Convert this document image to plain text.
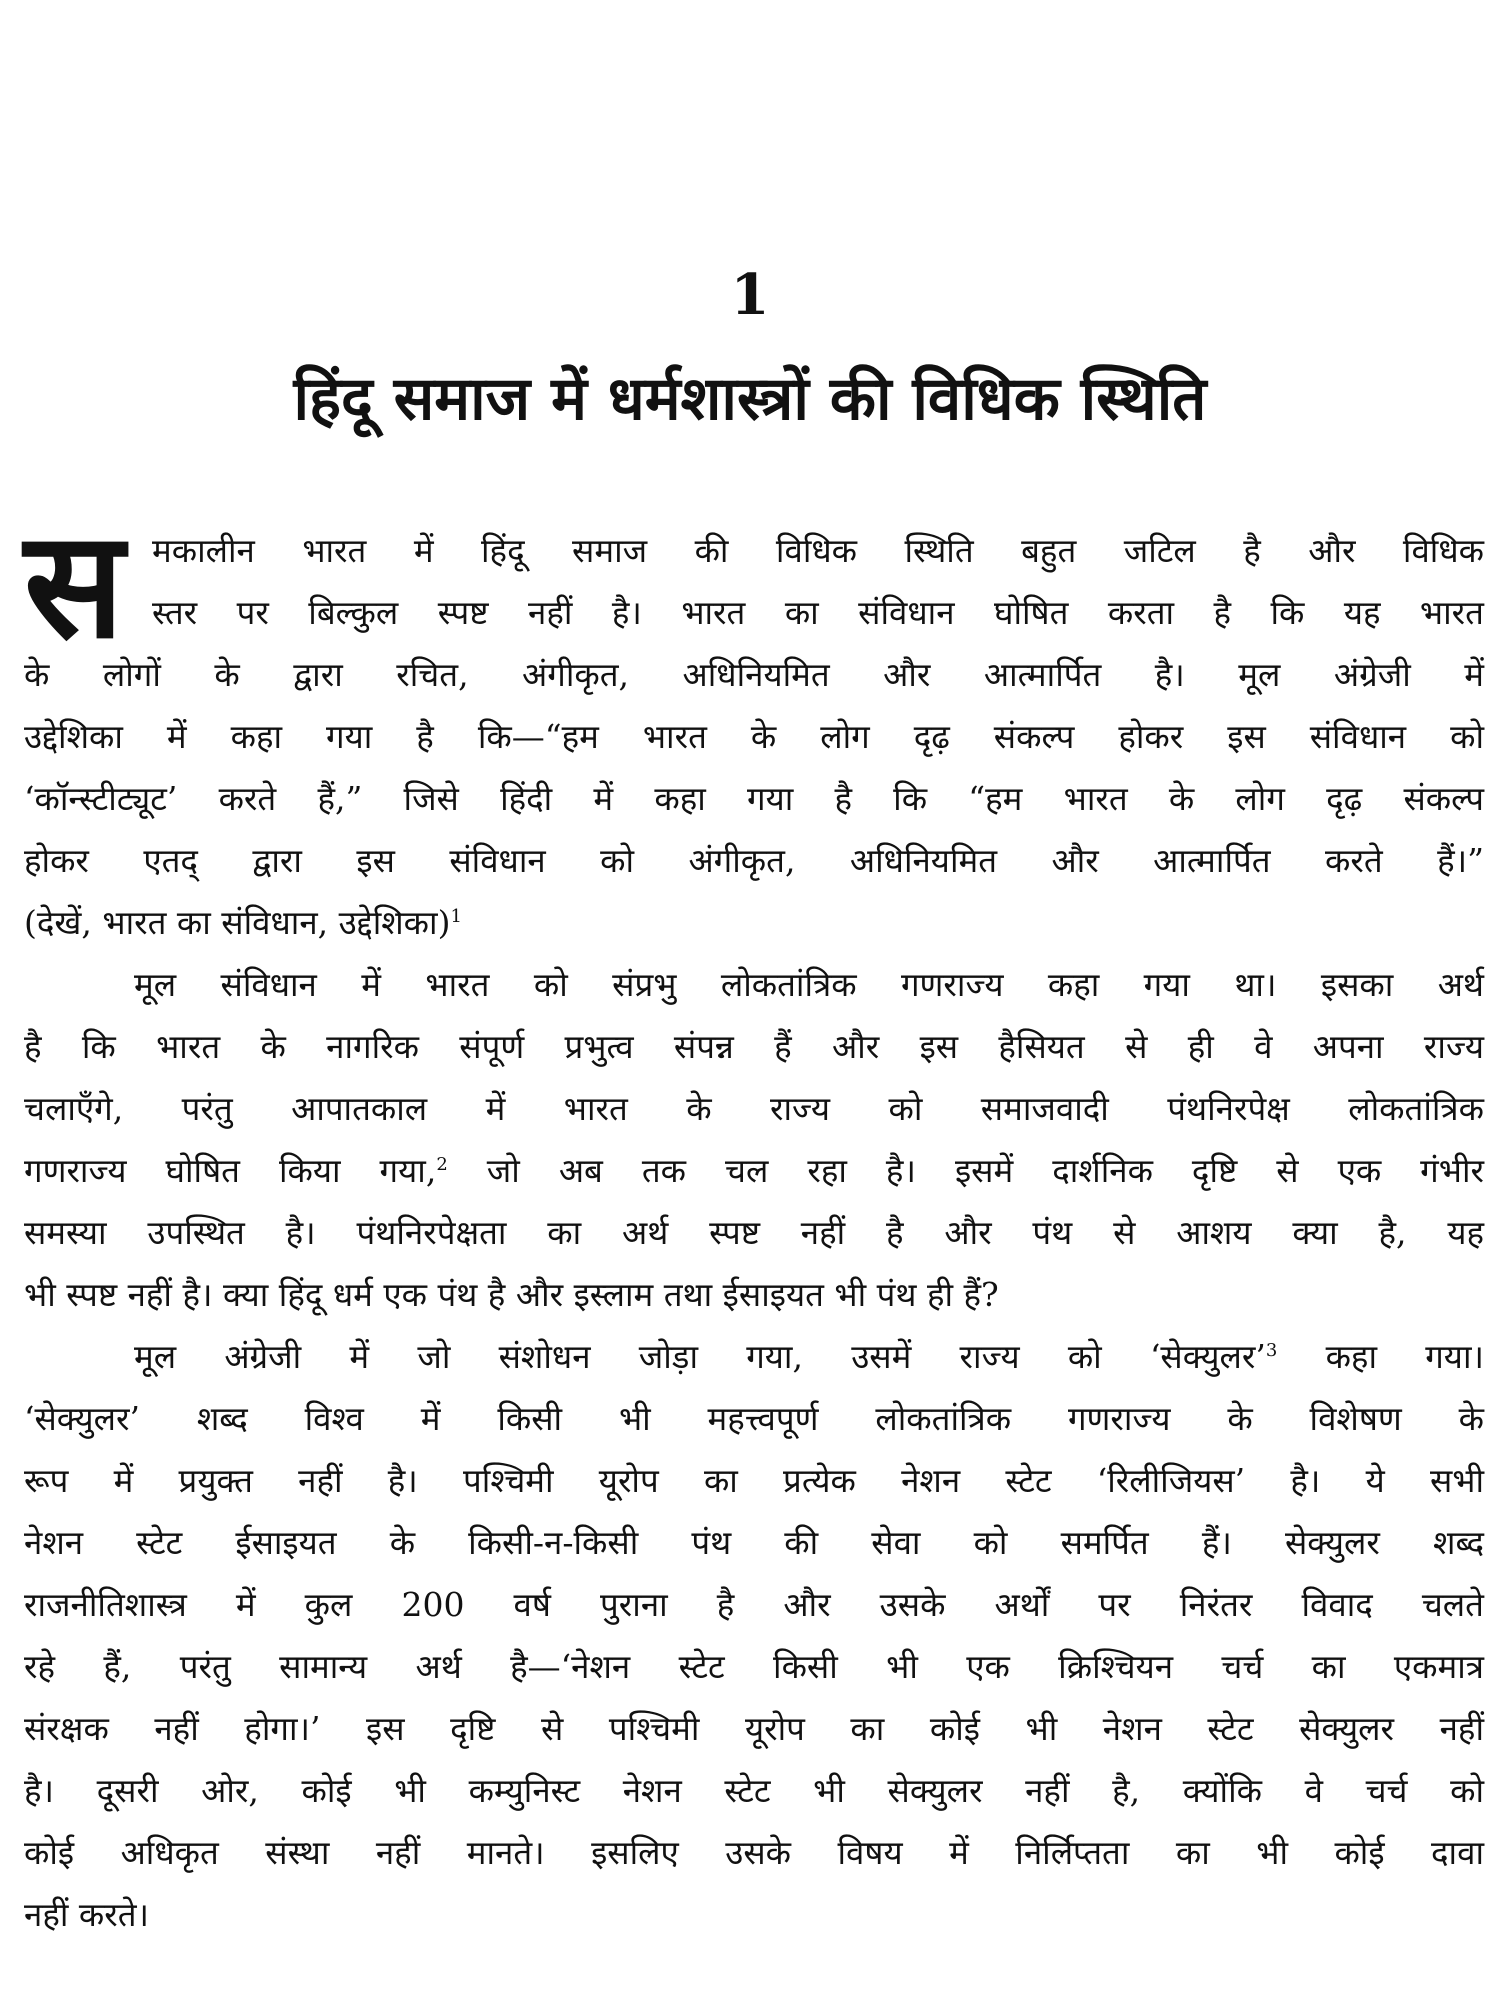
1
हिंदू समाज में धर्मशास्त्रों की विधिक स्थिति
स मकालीन भारत में हिंदू समाज की विधिक स्थिति बहुत जटिल है और विधिक
स्तर पर बिल्कुल स्पष्ट नहीं है। भारत का संविधान घोषित करता है कि यह भारत
के लोगों के द्वारा रचित, अंगीकृत, अधिनियमित और आत्मार्पित है। मूल अंग्रेजी में
उद्देशिका में कहा गया है कि—“हम भारत के लोग दृढ़ संकल्प होकर इस संविधान को
‘कॉन्स्टीट्यूट’ करते हैं,” जिसे हिंदी में कहा गया है कि “हम भारत के लोग दृढ़ संकल्प
होकर एतद् द्वारा इस संविधान को अंगीकृत, अधिनियमित और आत्मार्पित करते हैं।”
(देखें, भारत का संविधान, उद्देशिका)$^1$
मूल संविधान में भारत को संप्रभु लोकतांत्रिक गणराज्य कहा गया था। इसका अर्थ
है कि भारत के नागरिक संपूर्ण प्रभुत्व संपन्न हैं और इस हैसियत से ही वे अपना राज्य
चलाएँगे, परंतु आपातकाल में भारत के राज्य को समाजवादी पंथनिरपेक्ष लोकतांत्रिक
गणराज्य घोषित किया गया,$^2$ जो अब तक चल रहा है। इसमें दार्शनिक दृष्टि से एक गंभीर
समस्या उपस्थित है। पंथनिरपेक्षता का अर्थ स्पष्ट नहीं है और पंथ से आशय क्या है, यह
भी स्पष्ट नहीं है। क्या हिंदू धर्म एक पंथ है और इस्लाम तथा ईसाइयत भी पंथ ही हैं?
मूल अंग्रेजी में जो संशोधन जोड़ा गया, उसमें राज्य को ‘सेक्युलर’$^3$ कहा गया।
‘सेक्युलर’ शब्द विश्व में किसी भी महत्त्वपूर्ण लोकतांत्रिक गणराज्य के विशेषण के
रूप में प्रयुक्त नहीं है। पश्चिमी यूरोप का प्रत्येक नेशन स्टेट ‘रिलीजियस’ है। ये सभी
नेशन स्टेट ईसाइयत के किसी-न-किसी पंथ की सेवा को समर्पित हैं। सेक्युलर शब्द
राजनीतिशास्त्र में कुल 200 वर्ष पुराना है और उसके अर्थों पर निरंतर विवाद चलते
रहे हैं, परंतु सामान्य अर्थ है—‘नेशन स्टेट किसी भी एक क्रिश्चियन चर्च का एकमात्र
संरक्षक नहीं होगा।’ इस दृष्टि से पश्चिमी यूरोप का कोई भी नेशन स्टेट सेक्युलर नहीं
है। दूसरी ओर, कोई भी कम्युनिस्ट नेशन स्टेट भी सेक्युलर नहीं है, क्योंकि वे चर्च को
कोई अधिकृत संस्था नहीं मानते। इसलिए उसके विषय में निर्लिप्तता का भी कोई दावा
नहीं करते।
